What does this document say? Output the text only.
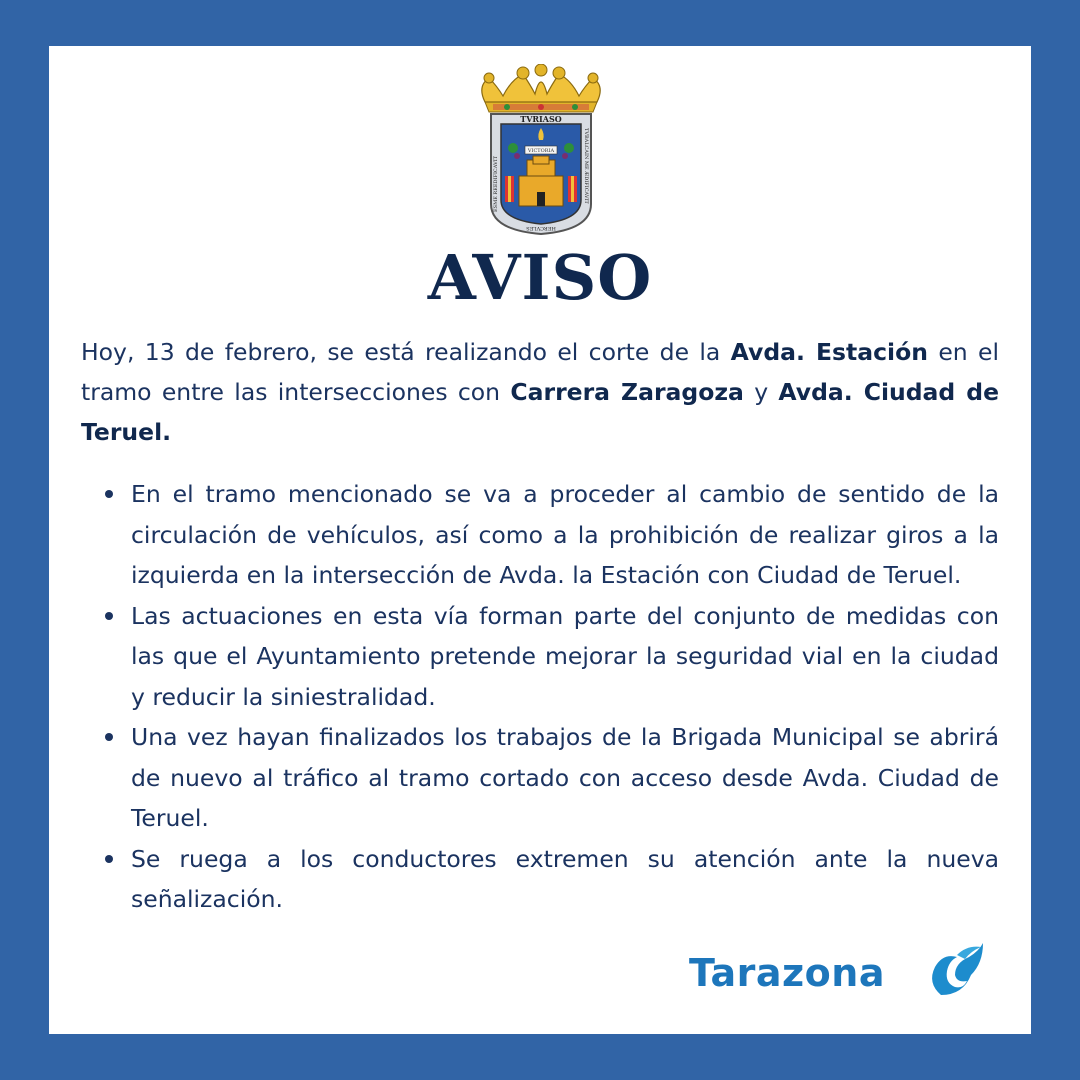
TVRIASO
ESME REEDIFICAVIT	TVBALCAIN ME ÆDIFICAVIT
HERCVLES
VICTORIA
AVISO
Hoy, 13 de febrero, se está realizando el corte de la Avda. Estación en el tramo entre las intersecciones con Carrera Zaragoza y Avda. Ciudad de Teruel.
En el tramo mencionado se va a proceder al cambio de sentido de la circulación de vehículos, así como a la prohibición de realizar giros a la izquierda en la intersección de Avda. la Estación con Ciudad de Teruel.
Las actuaciones en esta vía forman parte del conjunto de medidas con las que el Ayuntamiento pretende mejorar la seguridad vial en la ciudad y reducir la siniestralidad.
Una vez hayan finalizados los trabajos de la Brigada Municipal se abrirá de nuevo al tráfico al tramo cortado con acceso desde Avda. Ciudad de Teruel.
Se ruega a los conductores extremen su atención ante la nueva señalización.
Tarazona
